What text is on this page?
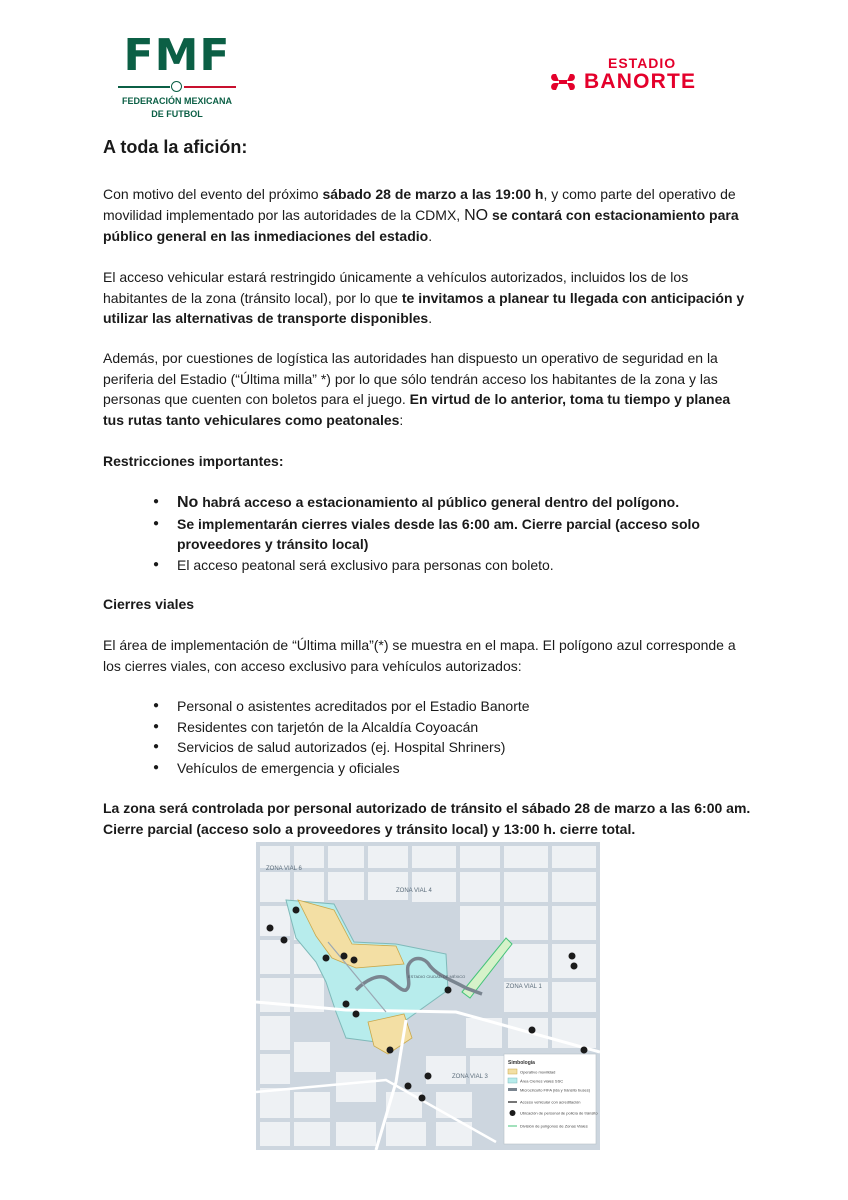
FMF
FEDERACIÓN MEXICANA
DE FUTBOL
ESTADIO
BANORTE
A toda la afición:
Con motivo del evento del próximo sábado 28 de marzo a las 19:00 h, y como parte del operativo de movilidad implementado por las autoridades de la CDMX, NO se contará con estacionamiento para público general en las inmediaciones del estadio.
El acceso vehicular estará restringido únicamente a vehículos autorizados, incluidos los de los habitantes de la zona (tránsito local), por lo que te invitamos a planear tu llegada con anticipación y utilizar las alternativas de transporte disponibles.
Además, por cuestiones de logística las autoridades han dispuesto un operativo de seguridad en la periferia del Estadio (“Última milla” *) por lo que sólo tendrán acceso los habitantes de la zona y las personas que cuenten con boletos para el juego. En virtud de lo anterior, toma tu tiempo y planea tus rutas tanto vehiculares como peatonales:
Restricciones importantes:
● No habrá acceso a estacionamiento al público general dentro del polígono.
● Se implementarán cierres viales desde las 6:00 am. Cierre parcial (acceso solo proveedores y tránsito local)
● El acceso peatonal será exclusivo para personas con boleto.
Cierres viales
El área de implementación de “Última milla”(*) se muestra en el mapa. El polígono azul corresponde a los cierres viales, con acceso exclusivo para vehículos autorizados:
● Personal o asistentes acreditados por el Estadio Banorte
● Residentes con tarjetón de la Alcaldía Coyoacán
● Servicios de salud autorizados (ej. Hospital Shriners)
● Vehículos de emergencia y oficiales
La zona será controlada por personal autorizado de tránsito el sábado 28 de marzo a las 6:00 am. Cierre parcial (acceso solo a proveedores y tránsito local) y 13:00 h. cierre total.
ZONA VIAL 6
ZONA VIAL 4
ZONA VIAL 1
ZONA VIAL 3
ESTADIO CIUDAD DE MÉXICO
Simbología
Operativo movilidad
Área Cierres viales SSC
Microcircuito FIFA (ida y tránsito buses)
Acceso vehicular con acreditación
Ubicación de personal de policía de tránsito
División de polígonos de Zonas Viales
